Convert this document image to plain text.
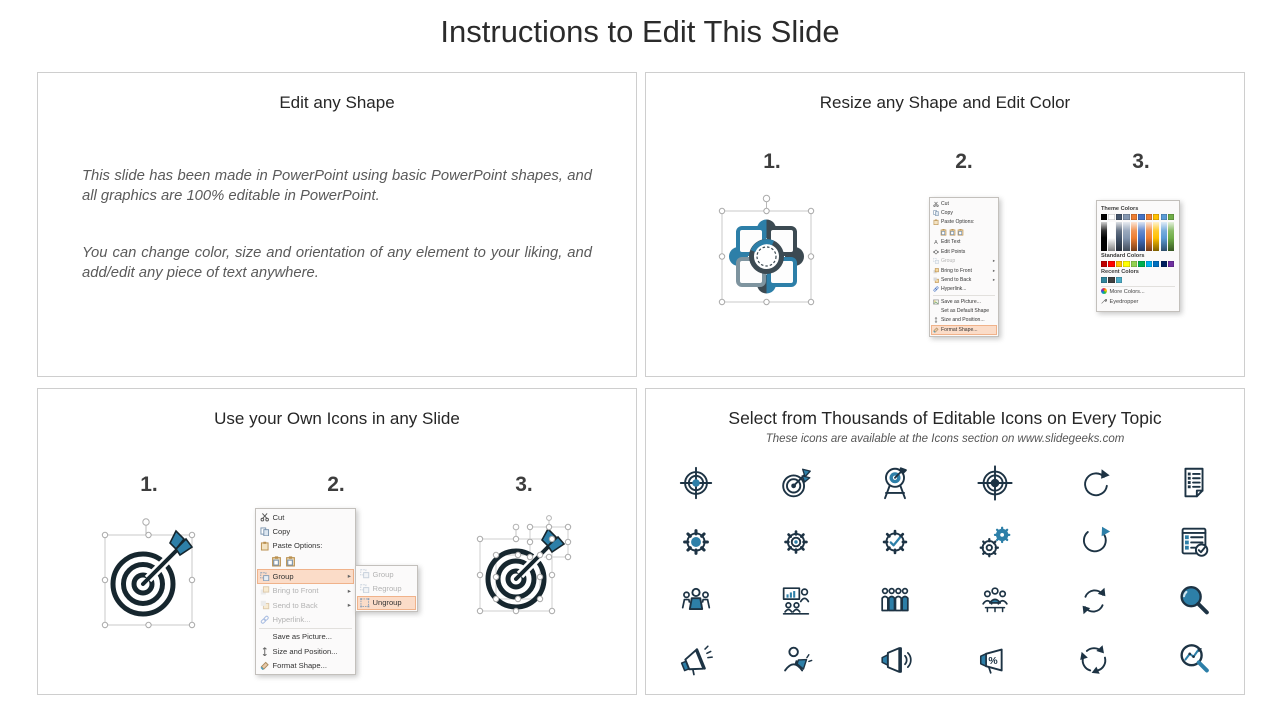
Instructions to Edit This Slide
Edit any Shape

This slide has been made in PowerPoint using basic PowerPoint shapes, and all graphics are 100% editable in PowerPoint.

You can change color, size and orientation of any element to your liking, and add/edit any piece of text anywhere.

Resize any Shape and Edit Color
1.	2.	3.
Cut
Copy
Paste Options:
A Edit Text
Edit Points
Group	▸
Bring to Front	▸
Send to Back	▸
Hyperlink...
Save as Picture...
Set as Default Shape
Size and Position...
Format Shape...
Theme Colors
Standard Colors
Recent Colors
More Colors...
Eyedropper
Use your Own Icons in any Slide
1.	2.	3.
Cut
Copy
Paste Options:
Group	▸
Bring to Front	▸
Send to Back	▸
Hyperlink...
Save as Picture...
Size and Position...
Format Shape...
Group
Regroup
Ungroup
Select from Thousands of Editable Icons on Every Topic
These icons are available at the Icons section on www.slidegeeks.com
%
